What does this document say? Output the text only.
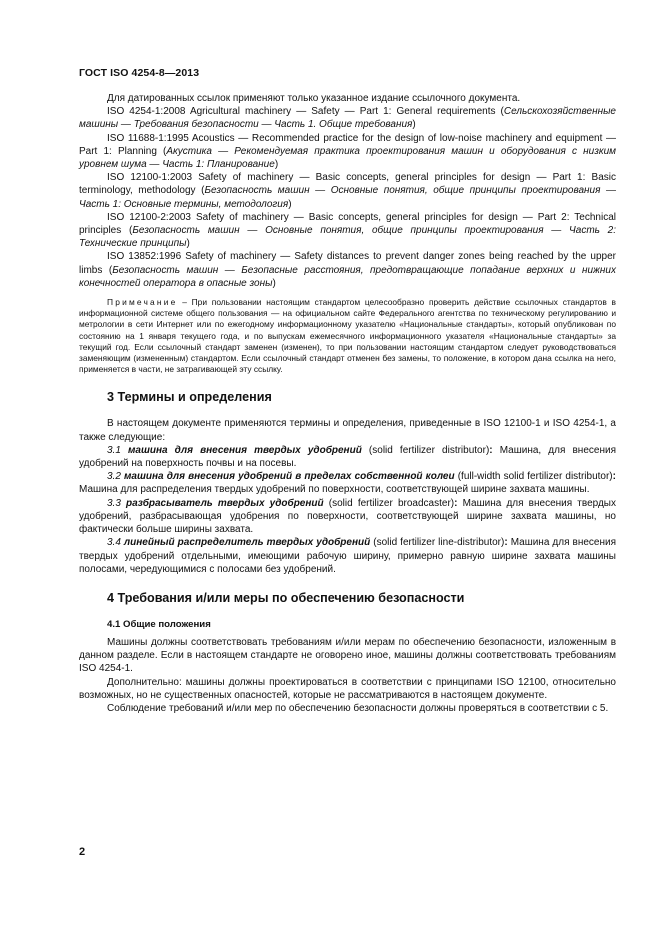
ГОСТ ISO 4254-8—2013

Для датированных ссылок применяют только указанное издание ссылочного документа.

ISO 4254-1:2008 Agricultural machinery — Safety — Part 1: General requirements (Сельскохозяйственные машины — Требования безопасности — Часть 1. Общие требования)

ISO 11688-1:1995 Acoustics — Recommended practice for the design of low-noise machinery and equipment — Part 1: Planning (Акустика — Рекомендуемая практика проектирования машин и оборудования с низким уровнем шума — Часть 1: Планирование)

ISO 12100-1:2003 Safety of machinery — Basic concepts, general principles for design — Part 1: Basic terminology, methodology (Безопасность машин — Основные понятия, общие принципы проектирования — Часть 1: Основные термины, методология)

ISO 12100-2:2003 Safety of machinery — Basic concepts, general principles for design — Part 2: Technical principles (Безопасность машин — Основные понятия, общие принципы проектирования — Часть 2: Технические принципы)

ISO 13852:1996 Safety of machinery — Safety distances to prevent danger zones being reached by the upper limbs (Безопасность машин — Безопасные расстояния, предотвращающие попадание верхних и нижних конечностей оператора в опасные зоны)

Примечание – При пользовании настоящим стандартом целесообразно проверить действие ссылочных стандартов в информационной системе общего пользования — на официальном сайте Федерального агентства по техническому регулированию и метрологии в сети Интернет или по ежегодному информационному указателю «Национальные стандарты», который опубликован по состоянию на 1 января текущего года, и по выпускам ежемесячного информационного указателя «Национальные стандарты» за текущий год. Если ссылочный стандарт заменен (изменен), то при пользовании настоящим стандартом следует руководствоваться заменяющим (измененным) стандартом. Если ссылочный стандарт отменен без замены, то положение, в котором дана ссылка на него, применяется в части, не затрагивающей эту ссылку.

3 Термины и определения

В настоящем документе применяются термины и определения, приведенные в ISO 12100-1 и ISO 4254-1, а также следующие:

3.1 машина для внесения твердых удобрений (solid fertilizer distributor): Машина, для внесения удобрений на поверхность почвы и на посевы.

3.2 машина для внесения удобрений в пределах собственной колеи (full-width solid fertilizer distributor): Машина для распределения твердых удобрений по поверхности, соответствующей ширине захвата машины.

3.3 разбрасыватель твердых удобрений (solid fertilizer broadcaster): Машина для внесения твердых удобрений, разбрасывающая удобрения по поверхности, соответствующей ширине захвата машины, но фактически больше ширины захвата.

3.4 линейный распределитель твердых удобрений (solid fertilizer line-distributor): Машина для внесения твердых удобрений отдельными, имеющими рабочую ширину, примерно равную ширине захвата машины полосами, чередующимися с полосами без удобрений.

4 Требования и/или меры по обеспечению безопасности
4.1 Общие положения

Машины должны соответствовать требованиям и/или мерам по обеспечению безопасности, изложенным в данном разделе. Если в настоящем стандарте не оговорено иное, машины должны соответствовать требованиям ISO 4254-1.

Дополнительно: машины должны проектироваться в соответствии с принципами ISO 12100, относительно возможных, но не существенных опасностей, которые не рассматриваются в настоящем документе.

Соблюдение требований и/или мер по обеспечению безопасности должны проверяться в соответствии с 5.

2
